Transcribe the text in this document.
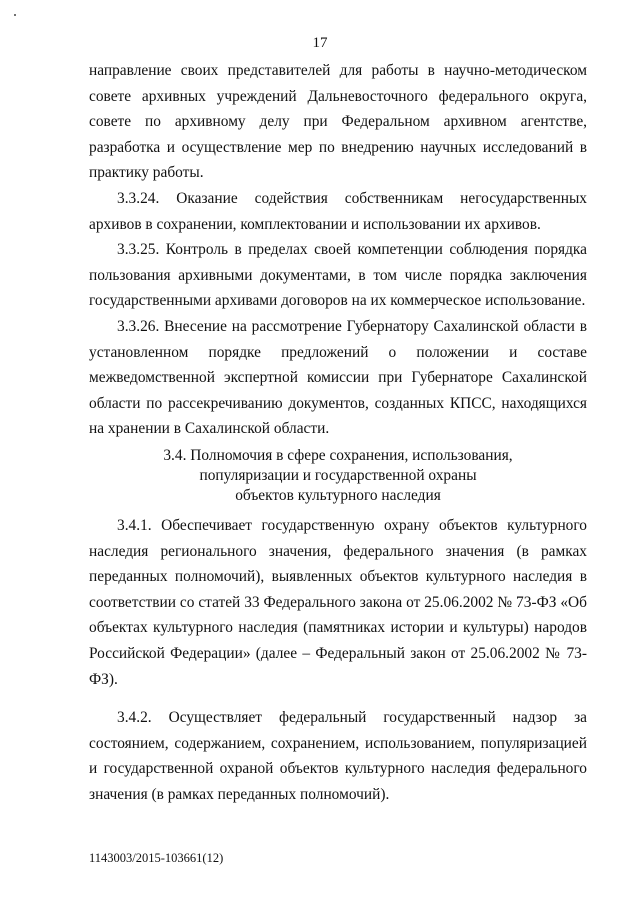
17

направление своих представителей для работы в научно-методическом совете архивных учреждений Дальневосточного федерального округа, совете по архивному делу при Федеральном архивном агентстве, разработка и осуществление мер по внедрению научных исследований в практику работы.

3.3.24. Оказание содействия собственникам негосударственных архивов в сохранении, комплектовании и использовании их архивов.

3.3.25. Контроль в пределах своей компетенции соблюдения порядка пользования архивными документами, в том числе порядка заключения государственными архивами договоров на их коммерческое использование.

3.3.26. Внесение на рассмотрение Губернатору Сахалинской области в установленном порядке предложений о положении и составе межведомственной экспертной комиссии при Губернаторе Сахалинской области по рассекречиванию документов, созданных КПСС, находящихся на хранении в Сахалинской области.

3.4. Полномочия в сфере сохранения, использования,
популяризации и государственной охраны
объектов культурного наследия

3.4.1. Обеспечивает государственную охрану объектов культурного наследия регионального значения, федерального значения (в рамках переданных полномочий), выявленных объектов культурного наследия в соответствии со статей 33 Федерального закона от 25.06.2002 № 73-ФЗ «Об объектах культурного наследия (памятниках истории и культуры) народов Российской Федерации» (далее – Федеральный закон от 25.06.2002 № 73-ФЗ).

3.4.2. Осуществляет федеральный государственный надзор за состоянием, содержанием, сохранением, использованием, популяризацией и государственной охраной объектов культурного наследия федерального значения (в рамках переданных полномочий).

1143003/2015-103661(12)
